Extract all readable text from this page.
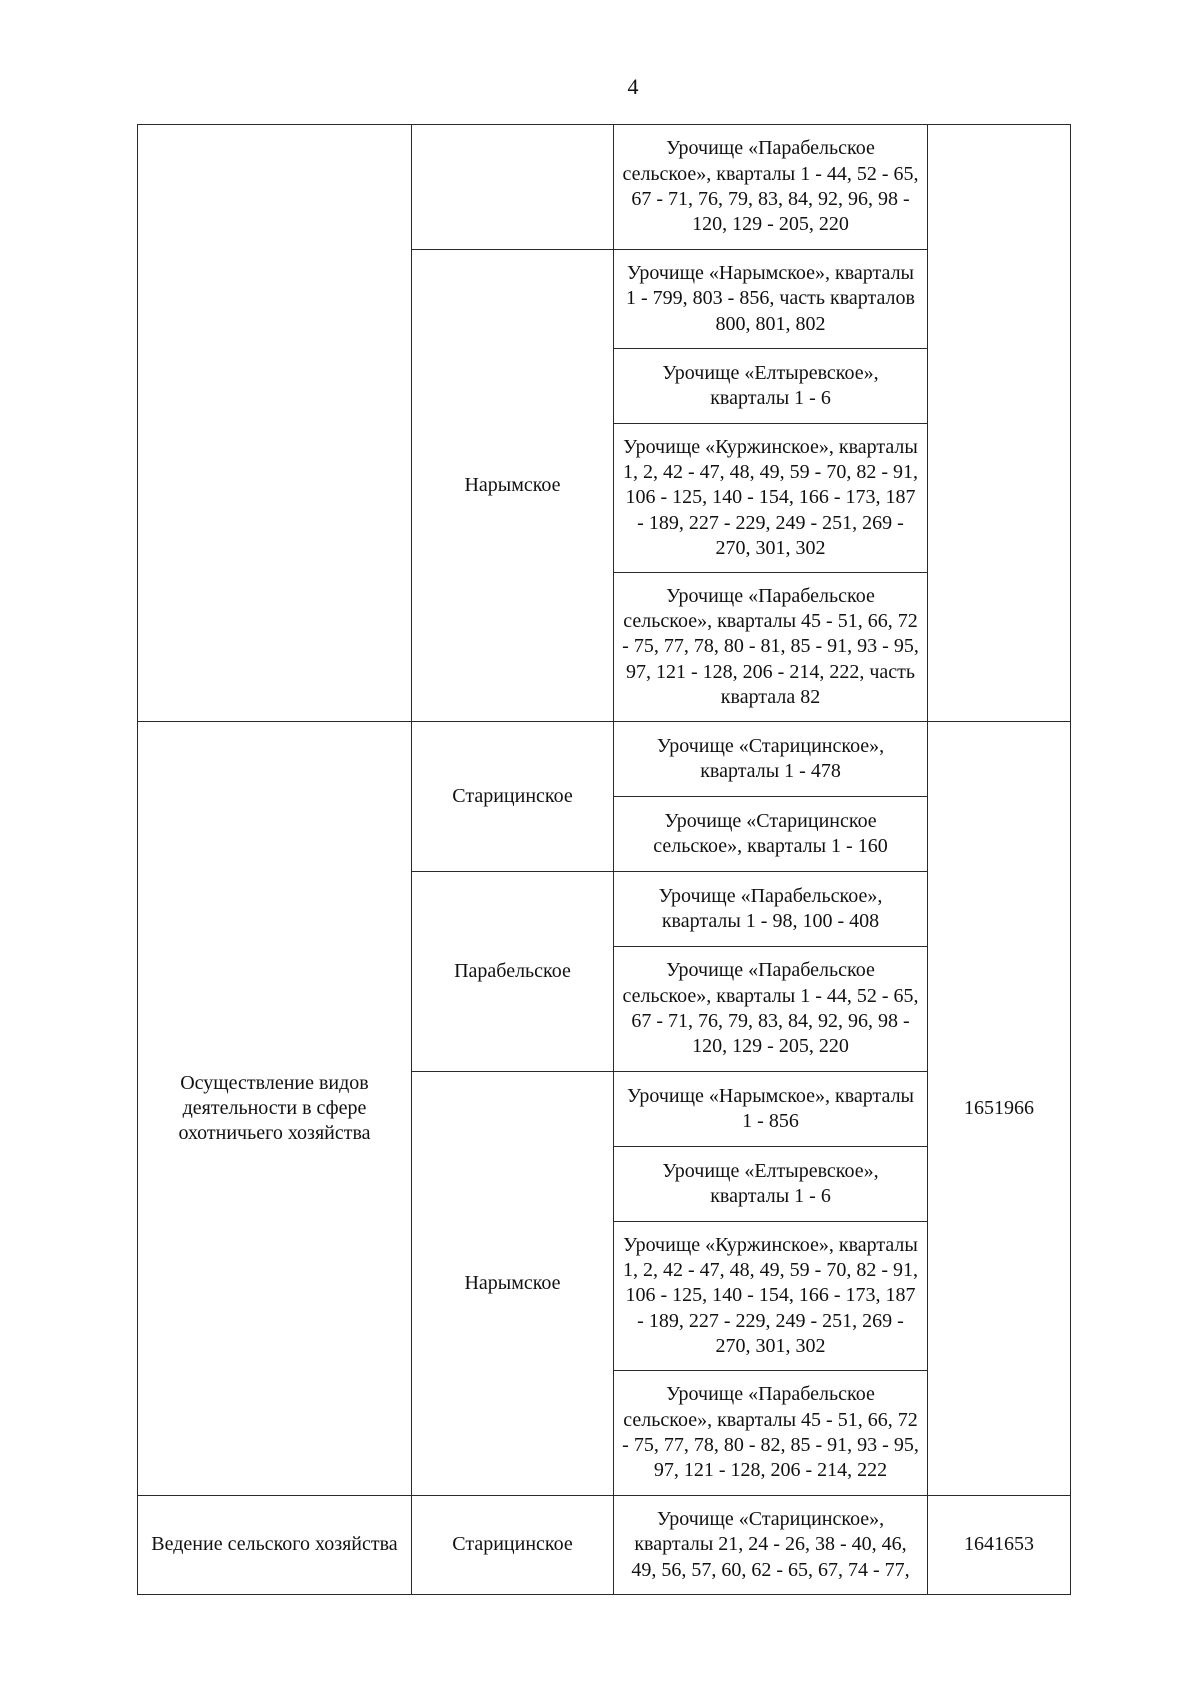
4
		Урочище «Парабельское сельское», кварталы 1 - 44, 52 - 65, 67 - 71, 76, 79, 83, 84, 92, 96, 98 - 120, 129 - 205, 220	
	Нарымское	Урочище «Нарымское», кварталы 1 - 799, 803 - 856, часть кварталов 800, 801, 802	
		Урочище «Елтыревское», кварталы 1 - 6	
		Урочище «Куржинское», кварталы 1, 2, 42 - 47, 48, 49, 59 - 70, 82 - 91, 106 - 125, 140 - 154, 166 - 173, 187 - 189, 227 - 229, 249 - 251, 269 - 270, 301, 302	
		Урочище «Парабельское сельское», кварталы 45 - 51, 66, 72 - 75, 77, 78, 80 - 81, 85 - 91, 93 - 95, 97, 121 - 128, 206 - 214, 222, часть квартала 82	
Осуществление видов деятельности в сфере охотничьего хозяйства	Старицинское	Урочище «Старицинское», кварталы 1 - 478	1651966
		Урочище «Старицинское сельское», кварталы 1 - 160	
	Парабельское	Урочище «Парабельское», кварталы 1 - 98, 100 - 408	
		Урочище «Парабельское сельское», кварталы 1 - 44, 52 - 65, 67 - 71, 76, 79, 83, 84, 92, 96, 98 - 120, 129 - 205, 220	
	Нарымское	Урочище «Нарымское», кварталы 1 - 856	
		Урочище «Елтыревское», кварталы 1 - 6	
		Урочище «Куржинское», кварталы 1, 2, 42 - 47, 48, 49, 59 - 70, 82 - 91, 106 - 125, 140 - 154, 166 - 173, 187 - 189, 227 - 229, 249 - 251, 269 - 270, 301, 302	
		Урочище «Парабельское сельское», кварталы 45 - 51, 66, 72 - 75, 77, 78, 80 - 82, 85 - 91, 93 - 95, 97, 121 - 128, 206 - 214, 222	
Ведение сельского хозяйства	Старицинское	Урочище «Старицинское», кварталы 21, 24 - 26, 38 - 40, 46, 49, 56, 57, 60, 62 - 65, 67, 74 - 77,	1641653
